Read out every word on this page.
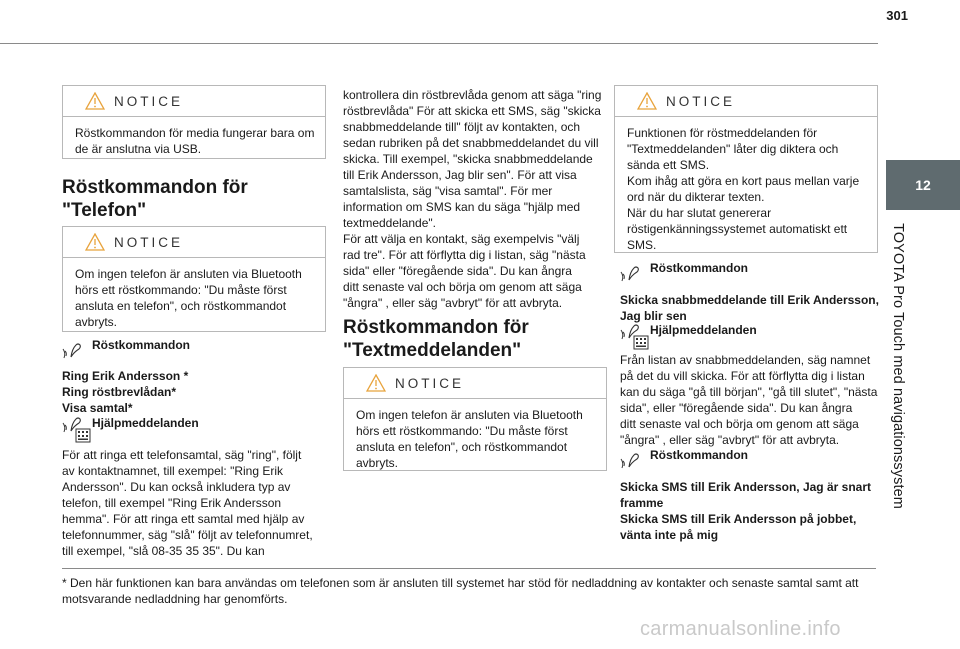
301
12
TOYOTA Pro Touch med navigationssystem
NOTICE
Röstkommandon för media fungerar bara om
de är anslutna via USB.
Röstkommandon för
"Telefon"
NOTICE
Om ingen telefon är ansluten via Bluetooth
hörs ett röstkommando: "Du måste först
ansluta en telefon", och röstkommandot
avbryts.
Röstkommandon
Ring Erik Andersson *
Ring röstbrevlådan*
Visa samtal*
Hjälpmeddelanden
För att ringa ett telefonsamtal, säg "ring", följt
av kontaktnamnet, till exempel: "Ring Erik
Andersson". Du kan också inkludera typ av
telefon, till exempel "Ring Erik Andersson
hemma". För att ringa ett samtal med hjälp av
telefonnummer, säg "slå" följt av telefonnumret,
till exempel, "slå 08-35 35 35". Du kan
kontrollera din röstbrevlåda genom att säga "ring
röstbrevlåda" För att skicka ett SMS, säg "skicka
snabbmeddelande till" följt av kontakten, och
sedan rubriken på det snabbmeddelandet du vill
skicka. Till exempel, "skicka snabbmeddelande
till Erik Andersson, Jag blir sen". För att visa
samtalslista, säg "visa samtal". För mer
information om SMS kan du säga "hjälp med
textmeddelande".
För att välja en kontakt, säg exempelvis "välj
rad tre". För att förflytta dig i listan, säg "nästa
sida" eller "föregående sida". Du kan ångra
ditt senaste val och börja om genom att säga
"ångra" , eller säg "avbryt" för att avbryta.
Röstkommandon för
"Textmeddelanden"
NOTICE
Om ingen telefon är ansluten via Bluetooth
hörs ett röstkommando: "Du måste först
ansluta en telefon", och röstkommandot
avbryts.
NOTICE
Funktionen för röstmeddelanden för
"Textmeddelanden" låter dig diktera och
sända ett SMS.
Kom ihåg att göra en kort paus mellan varje
ord när du dikterar texten.
När du har slutat genererar
röstigenkänningssystemet automatiskt ett
SMS.
Röstkommandon
Skicka snabbmeddelande till Erik Andersson,
Jag blir sen
Hjälpmeddelanden
Från listan av snabbmeddelanden, säg namnet
på det du vill skicka. För att förflytta dig i listan
kan du säga "gå till början", "gå till slutet", "nästa
sida", eller "föregående sida". Du kan ångra
ditt senaste val och börja om genom att säga
"ångra" , eller säg "avbryt" för att avbryta.
Röstkommandon
Skicka SMS till Erik Andersson, Jag är snart
framme
Skicka SMS till Erik Andersson på jobbet,
vänta inte på mig
* Den här funktionen kan bara användas om telefonen som är ansluten till systemet har stöd för nedladdning av kontakter och senaste samtal samt att
motsvarande nedladdning har genomförts.
carmanualsonline.info
